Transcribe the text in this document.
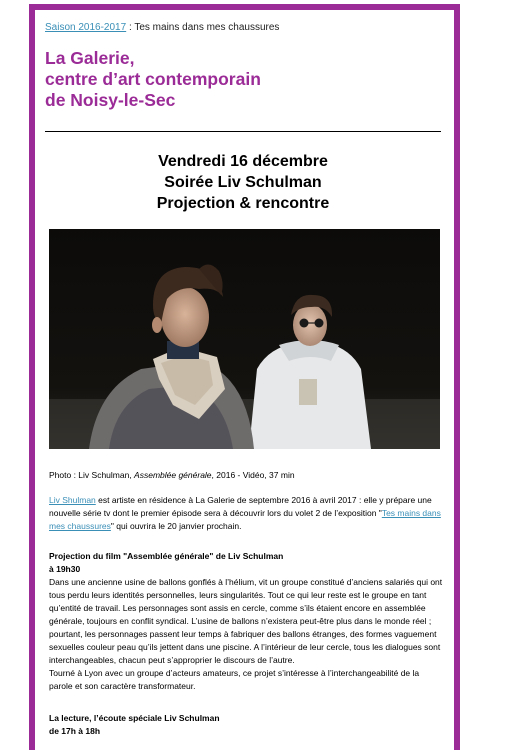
Saison 2016-2017 : Tes mains dans mes chaussures
La Galerie,
centre d’art contemporain
de Noisy-le-Sec
Vendredi 16 décembre
Soirée Liv Schulman
Projection & rencontre
Photo : Liv Schulman, Assemblée générale, 2016 - Vidéo, 37 min
Liv Shulman est artiste en résidence à La Galerie de septembre 2016 à avril 2017 : elle y prépare une nouvelle série tv dont le premier épisode sera à découvrir lors du volet 2 de l’exposition "Tes mains dans mes chaussures" qui ouvrira le 20 janvier prochain.
Projection du film "Assemblée générale" de Liv Schulman
à 19h30
Dans une ancienne usine de ballons gonflés à l’hélium, vit un groupe constitué d’anciens salariés qui ont tous perdu leurs identités personnelles, leurs singularités. Tout ce qui leur reste est le groupe en tant qu’entité de travail. Les personnages sont assis en cercle, comme s’ils étaient encore en assemblée générale, toujours en conflit syndical. L’usine de ballons n’existera peut-être plus dans le monde réel ; pourtant, les personnages passent leur temps à fabriquer des ballons étranges, des formes vaguement sexuelles couleur peau qu’ils jettent dans une piscine. A l’intérieur de leur cercle, tous les dialogues sont interchangeables, chacun peut s’approprier le discours de l’autre.
Tourné à Lyon avec un groupe d’acteurs amateurs, ce projet s’intéresse à l’interchangeabilité de la parole et son caractère transformateur.
La lecture, l’écoute spéciale Liv Schulman
de 17h à 18h
